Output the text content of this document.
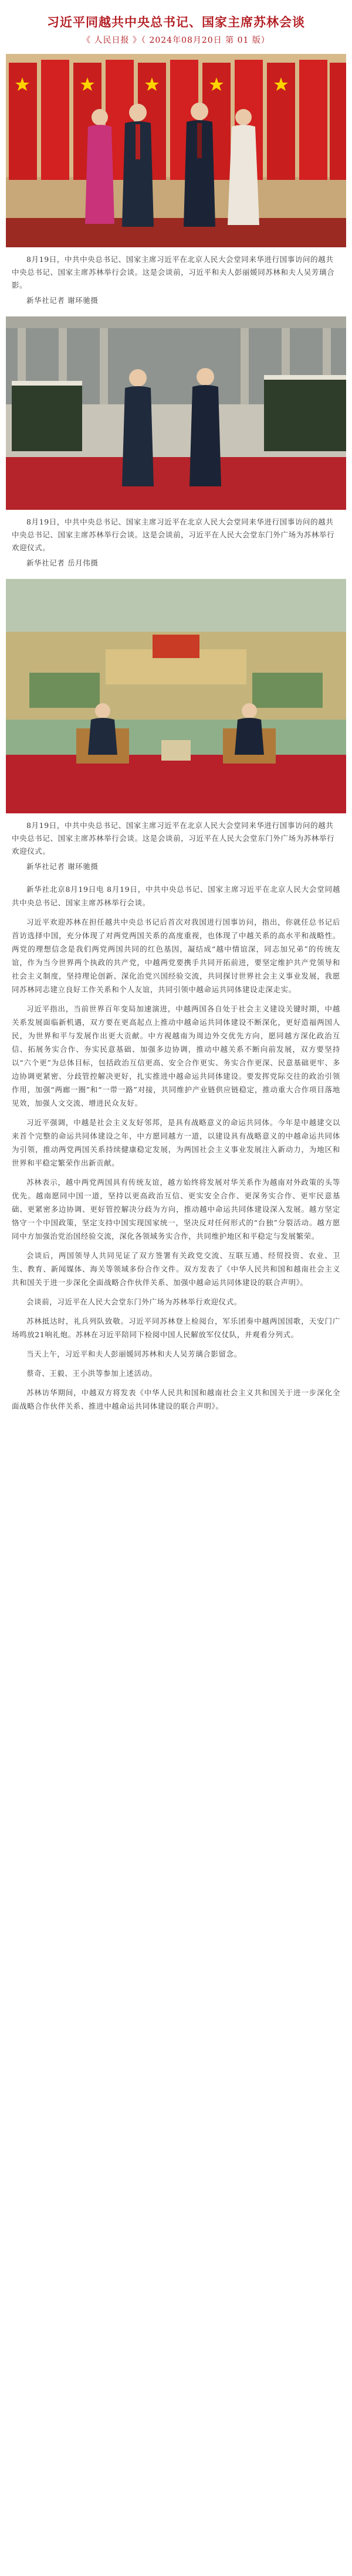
习近平同越共中央总书记、国家主席苏林会谈
《 人民日报 》（ 2024年08月20日 第 01 版）
8月19日，中共中央总书记、国家主席习近平在北京人民大会堂同来华进行国事访问的越共中央总书记、国家主席苏林举行会谈。这是会谈前，习近平和夫人彭丽媛同苏林和夫人吴芳璃合影。
新华社记者 谢环驰摄
8月19日，中共中央总书记、国家主席习近平在北京人民大会堂同来华进行国事访问的越共中央总书记、国家主席苏林举行会谈。这是会谈前，习近平在人民大会堂东门外广场为苏林举行欢迎仪式。
新华社记者 岳月伟摄
8月19日，中共中央总书记、国家主席习近平在北京人民大会堂同来华进行国事访问的越共中央总书记、国家主席苏林举行会谈。这是会谈前，习近平在人民大会堂东门外广场为苏林举行欢迎仪式。
新华社记者 谢环驰摄

新华社北京8月19日电 8月19日，中共中央总书记、国家主席习近平在北京人民大会堂同越共中央总书记、国家主席苏林举行会谈。

习近平欢迎苏林在担任越共中央总书记后首次对我国进行国事访问，指出，你就任总书记后首访选择中国，充分体现了对两党两国关系的高度重视，也体现了中越关系的高水平和战略性。两党的理想信念是我们两党两国共同的红色基因，凝结成“越中情谊深，同志加兄弟”的传统友谊，作为当今世界两个执政的共产党，中越两党要携手共同开拓前进，要坚定维护共产党领导和社会主义制度，坚持理论创新、深化治党兴国经验交流，共同探讨世界社会主义事业发展，我愿同苏林同志建立良好工作关系和个人友谊，共同引领中越命运共同体建设走深走实。

习近平指出，当前世界百年变局加速演进，中越两国各自处于社会主义建设关键时期，中越关系发展面临新机遇，双方要在更高起点上推动中越命运共同体建设不断深化，更好造福两国人民，为世界和平与发展作出更大贡献。中方视越南为周边外交优先方向，愿同越方深化政治互信、拓展务实合作、夯实民意基础、加强多边协调，推动中越关系不断向前发展，双方要坚持以“六个更”为总体目标，包括政治互信更高、安全合作更实、务实合作更深、民意基础更牢、多边协调更紧密、分歧管控解决更好，扎实推进中越命运共同体建设。要发挥党际交往的政治引领作用，加强“两廊一圈”和“一带一路”对接，共同维护产业链供应链稳定，推动重大合作项目落地见效，加强人文交流、增进民众友好。

习近平强调，中越是社会主义友好邻邦，是具有战略意义的命运共同体。今年是中越建交以来首个完整的命运共同体建设之年，中方愿同越方一道，以建设具有战略意义的中越命运共同体为引领，推动两党两国关系持续健康稳定发展，为两国社会主义事业发展注入新动力，为地区和世界和平稳定繁荣作出新贡献。

苏林表示，越中两党两国具有传统友谊，越方始终将发展对华关系作为越南对外政策的头等优先。越南愿同中国一道，坚持以更高政治互信、更实安全合作、更深务实合作、更牢民意基础、更紧密多边协调、更好管控解决分歧为方向，推动越中命运共同体建设深入发展。越方坚定恪守一个中国政策，坚定支持中国实现国家统一，坚决反对任何形式的“台独”分裂活动。越方愿同中方加强治党治国经验交流，深化各领域务实合作，共同维护地区和平稳定与发展繁荣。

会谈后，两国领导人共同见证了双方签署有关政党交流、互联互通、经贸投资、农业、卫生、教育、新闻媒体、海关等领域多份合作文件。双方发表了《中华人民共和国和越南社会主义共和国关于进一步深化全面战略合作伙伴关系、加强中越命运共同体建设的联合声明》。

会谈前，习近平在人民大会堂东门外广场为苏林举行欢迎仪式。

苏林抵达时，礼兵列队致敬。习近平同苏林登上检阅台，军乐团奏中越两国国歌，天安门广场鸣放21响礼炮。苏林在习近平陪同下检阅中国人民解放军仪仗队，并观看分列式。

当天上午，习近平和夫人彭丽媛同苏林和夫人吴芳璃合影留念。

蔡奇、王毅、王小洪等参加上述活动。

苏林访华期间，中越双方将发表《中华人民共和国和越南社会主义共和国关于进一步深化全面战略合作伙伴关系、推进中越命运共同体建设的联合声明》。
